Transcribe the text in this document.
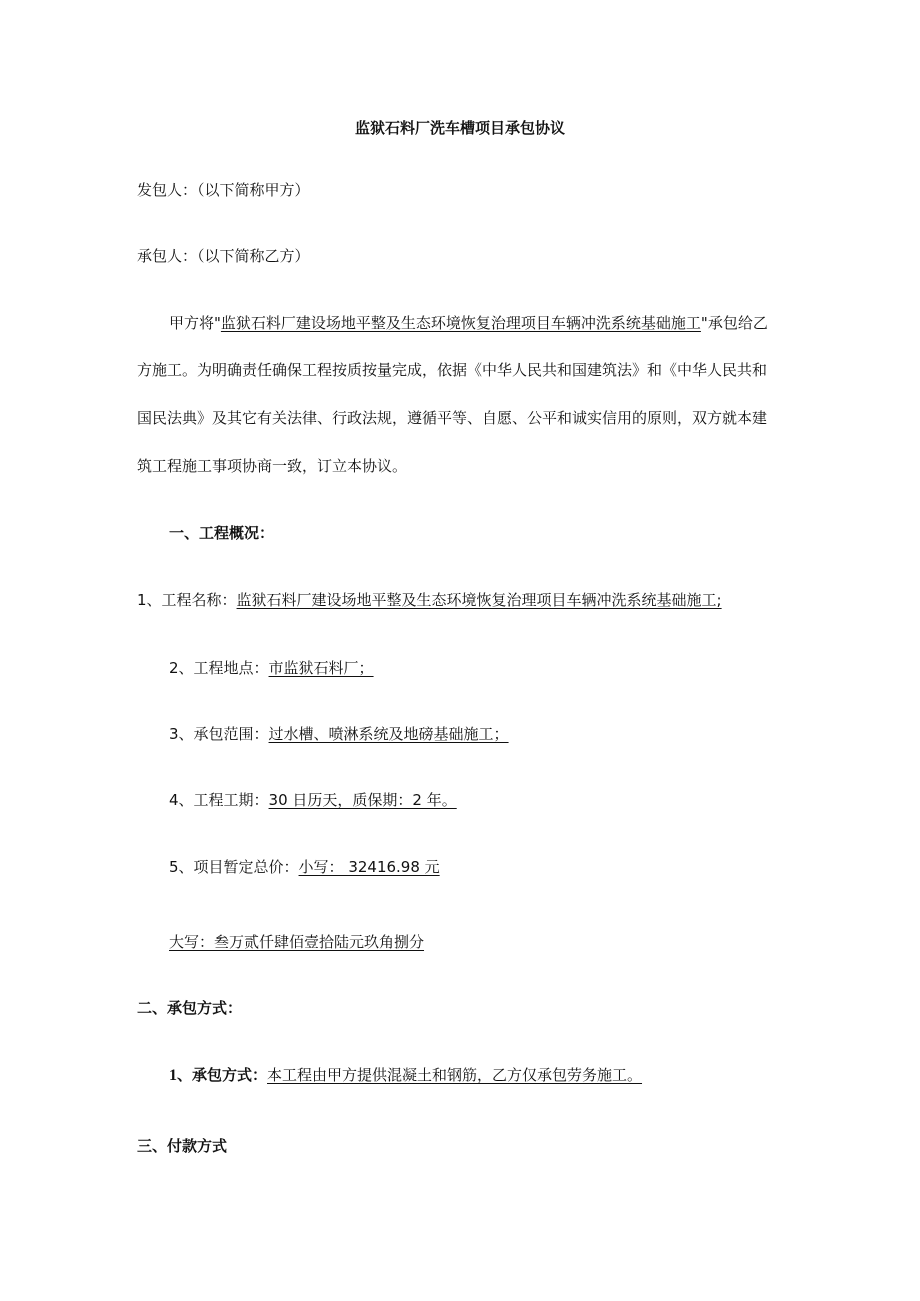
监狱石料厂洗车槽项目承包协议
发包人：（以下简称甲方）
承包人：（以下简称乙方）
甲方将"监狱石料厂建设场地平整及生态环境恢复治理项目车辆冲洗系统基础施工"承包给乙
方施工。为明确责任确保工程按质按量完成，依据《中华人民共和国建筑法》和《中华人民共和
国民法典》及其它有关法律、行政法规，遵循平等、自愿、公平和诚实信用的原则，双方就本建
筑工程施工事项协商一致，订立本协议。
一、工程概况：
1、工程名称：监狱石料厂建设场地平整及生态环境恢复治理项目车辆冲洗系统基础施工;
2、工程地点：市监狱石料厂；
3、承包范围：过水槽、喷淋系统及地磅基础施工；
4、工程工期：30 日历天，质保期：2 年。
5、项目暂定总价：小写： 32416.98 元
大写：叁万贰仟肆佰壹拾陆元玖角捌分
二、承包方式：
1、承包方式：本工程由甲方提供混凝土和钢筋，乙方仅承包劳务施工。
三、付款方式
